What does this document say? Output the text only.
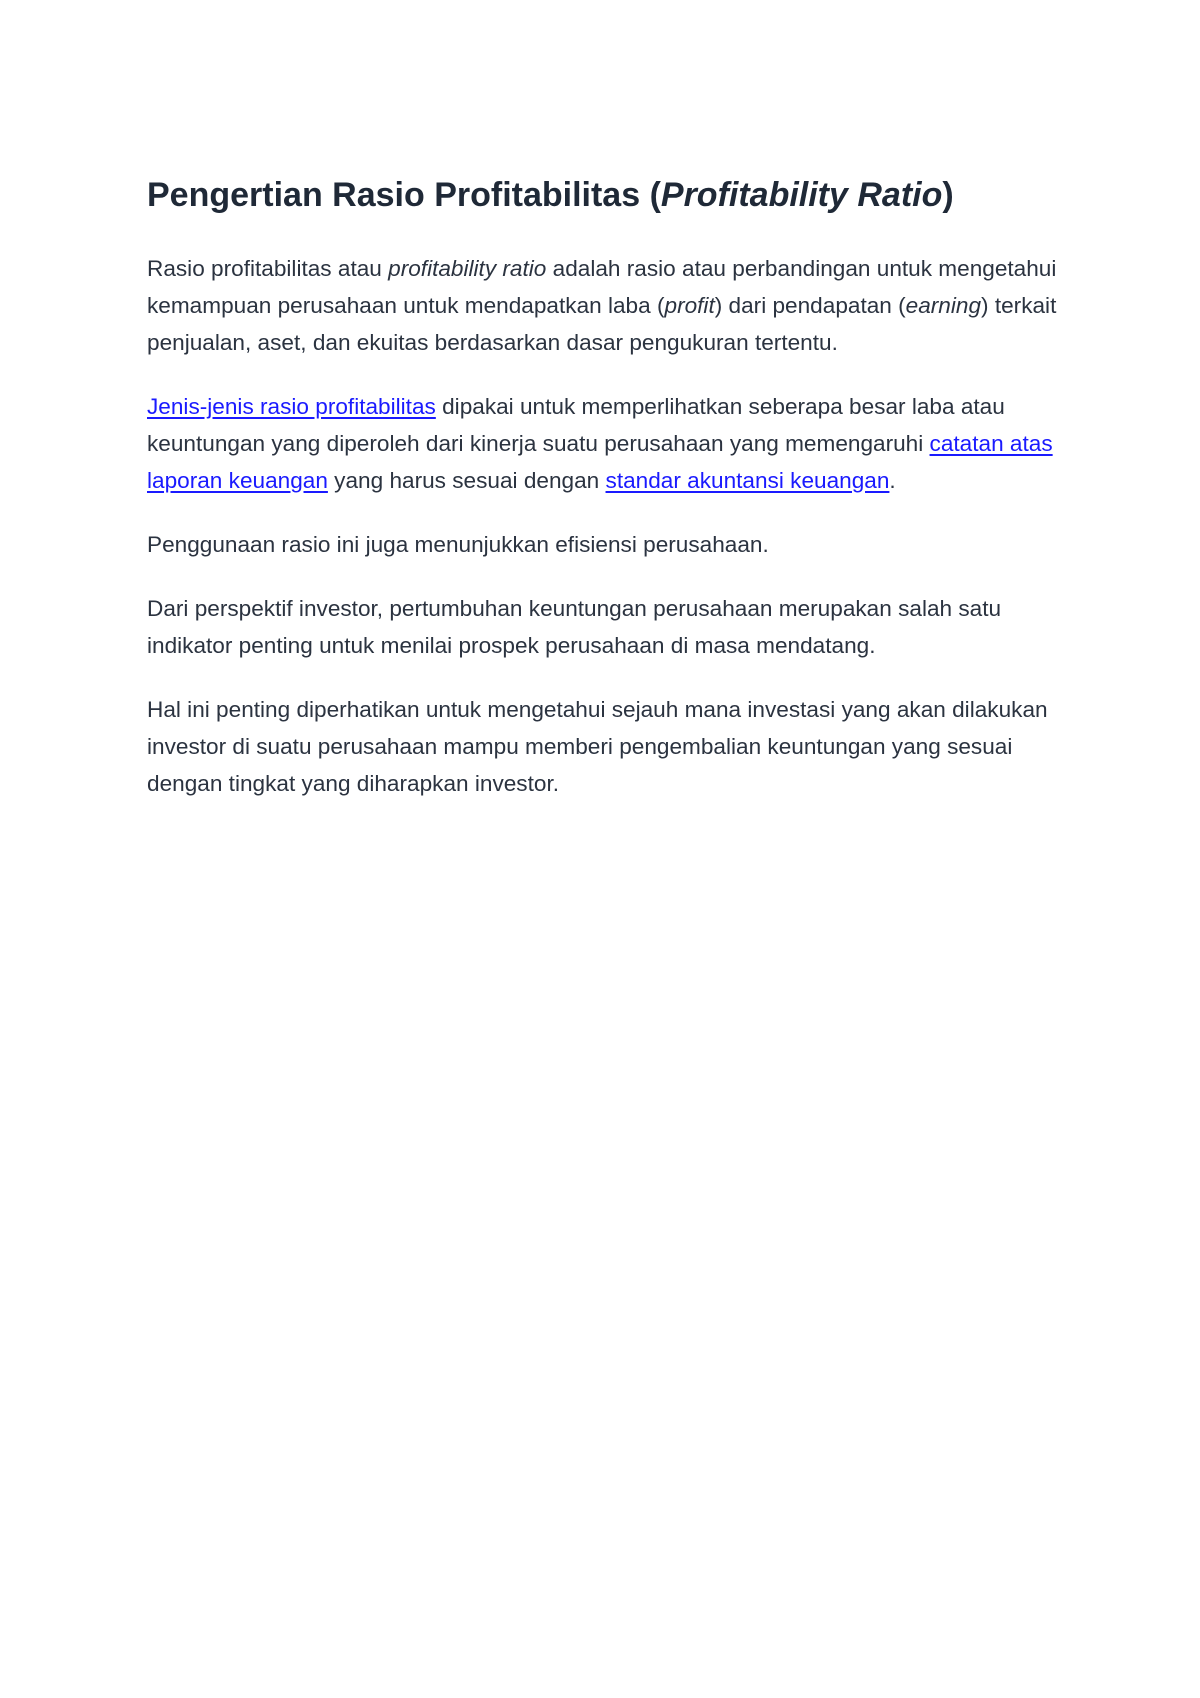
Pengertian Rasio Profitabilitas (Profitability Ratio)

Rasio profitabilitas atau profitability ratio adalah rasio atau perbandingan untuk mengetahui kemampuan perusahaan untuk mendapatkan laba (profit) dari pendapatan (earning) terkait penjualan, aset, dan ekuitas berdasarkan dasar pengukuran tertentu.

Jenis-jenis rasio profitabilitas dipakai untuk memperlihatkan seberapa besar laba atau keuntungan yang diperoleh dari kinerja suatu perusahaan yang memengaruhi catatan atas laporan keuangan yang harus sesuai dengan standar akuntansi keuangan.

Penggunaan rasio ini juga menunjukkan efisiensi perusahaan.

Dari perspektif investor, pertumbuhan keuntungan perusahaan merupakan salah satu indikator penting untuk menilai prospek perusahaan di masa mendatang.

Hal ini penting diperhatikan untuk mengetahui sejauh mana investasi yang akan dilakukan investor di suatu perusahaan mampu memberi pengembalian keuntungan yang sesuai dengan tingkat yang diharapkan investor.
